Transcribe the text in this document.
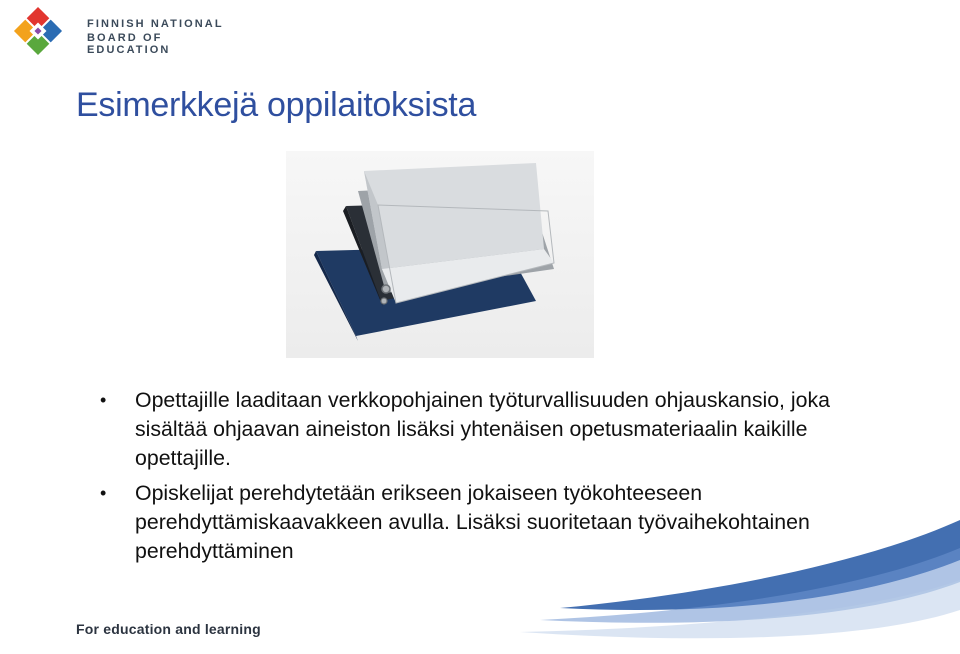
FINNISH NATIONAL
BOARD OF EDUCATION
Esimerkkejä oppilaitoksista
• Opettajille laaditaan verkkopohjainen työturvallisuuden ohjauskansio, joka sisältää ohjaavan aineiston lisäksi yhtenäisen opetusmateriaalin kaikille opettajille.
• Opiskelijat perehdytetään erikseen jokaiseen työkohteeseen perehdyttämiskaavakkeen avulla. Lisäksi suoritetaan työvaihekohtainen perehdyttäminen
For education and learning
